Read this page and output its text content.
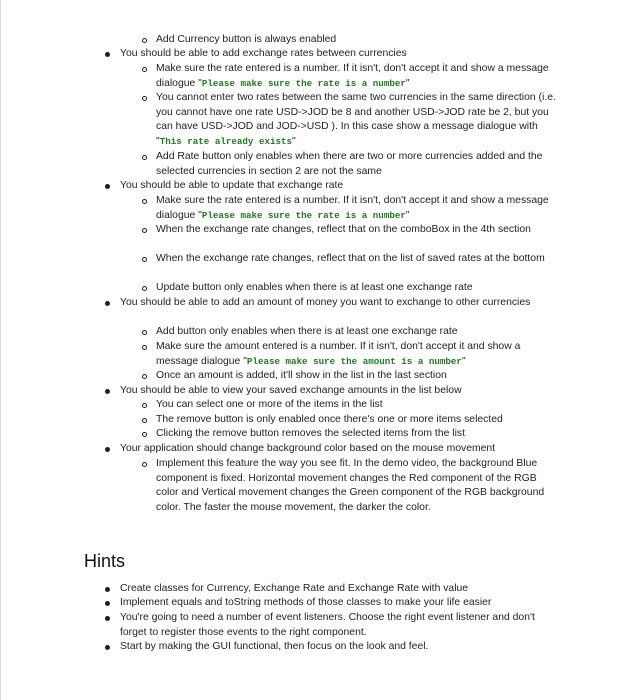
Add Currency button is always enabled
You should be able to add exchange rates between currencies
Make sure the rate entered is a number. If it isn't, don't accept it and show a message dialogue "Please make sure the rate is a number"
You cannot enter two rates between the same two currencies in the same direction (i.e. you cannot have one rate USD->JOD be 8 and another USD->JOD rate be 2, but you can have USD->JOD and JOD->USD ). In this case show a message dialogue with "This rate already exists"
Add Rate button only enables when there are two or more currencies added and the selected currencies in section 2 are not the same
You should be able to update that exchange rate
Make sure the rate entered is a number. If it isn't, don't accept it and show a message dialogue "Please make sure the rate is a number"
When the exchange rate changes, reflect that on the comboBox in the 4th section
When the exchange rate changes, reflect that on the list of saved rates at the bottom
Update button only enables when there is at least one exchange rate
You should be able to add an amount of money you want to exchange to other currencies
Add button only enables when there is at least one exchange rate
Make sure the amount entered is a number. If it isn't, don't accept it and show a message dialogue "Please make sure the amount is a number"
Once an amount is added, it'll show in the list in the last section
You should be able to view your saved exchange amounts in the list below
You can select one or more of the items in the list
The remove button is only enabled once there's one or more items selected
Clicking the remove button removes the selected items from the list
Your application should change background color based on the mouse movement
Implement this feature the way you see fit. In the demo video, the background Blue component is fixed. Horizontal movement changes the Red component of the RGB color and Vertical movement changes the Green component of the RGB background color. The faster the mouse movement, the darker the color.
Hints
Create classes for Currency, Exchange Rate and Exchange Rate with value
Implement equals and toString methods of those classes to make your life easier
You're going to need a number of event listeners. Choose the right event listener and don't forget to register those events to the right component.
Start by making the GUI functional, then focus on the look and feel.
